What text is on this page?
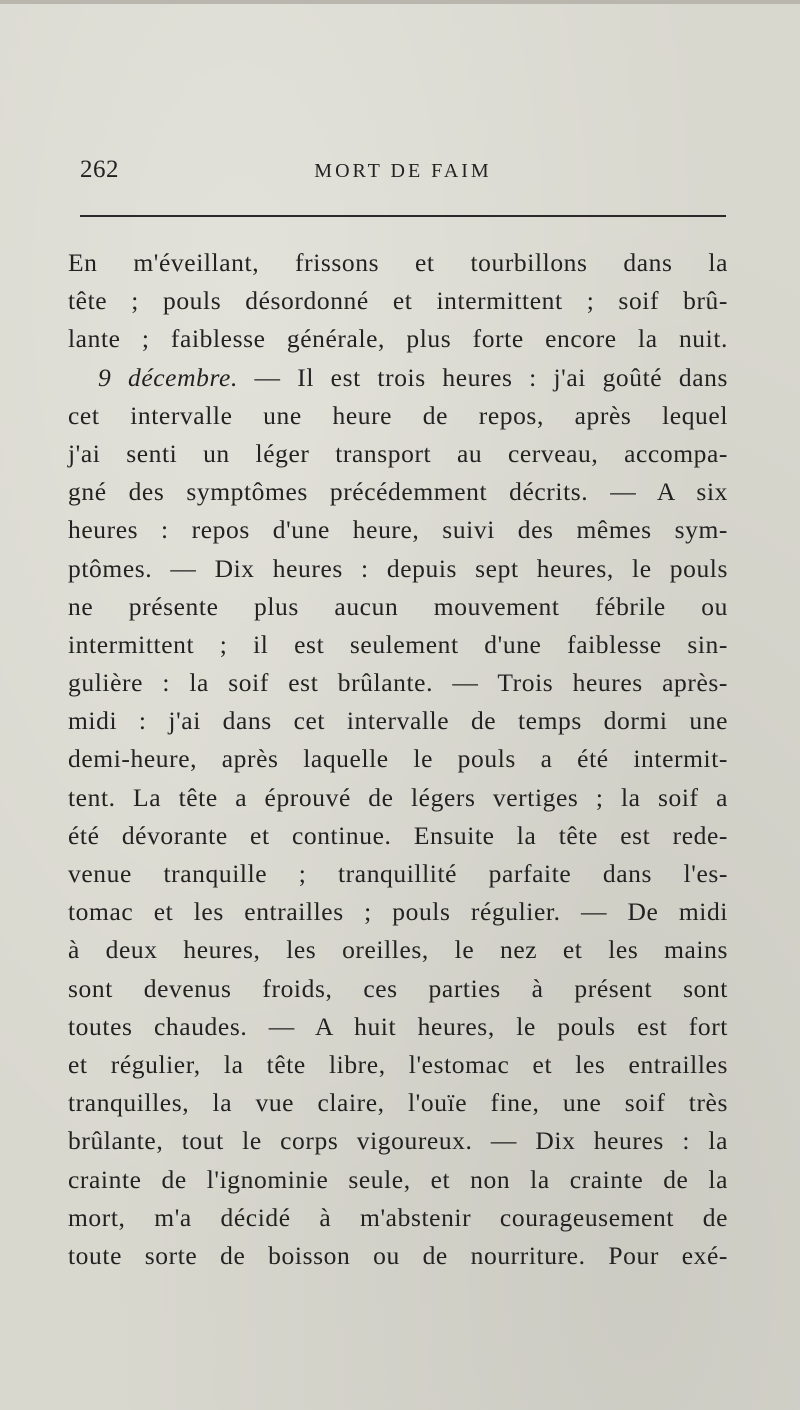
262	MORT DE FAIM
En m'éveillant, frissons et tourbillons dans la
tête ; pouls désordonné et intermittent ; soif brû-
lante ; faiblesse générale, plus forte encore la nuit.
9 décembre. — Il est trois heures : j'ai goûté dans
cet intervalle une heure de repos, après lequel
j'ai senti un léger transport au cerveau, accompa-
gné des symptômes précédemment décrits. — A six
heures : repos d'une heure, suivi des mêmes sym-
ptômes. — Dix heures : depuis sept heures, le pouls
ne présente plus aucun mouvement fébrile ou
intermittent ; il est seulement d'une faiblesse sin-
gulière : la soif est brûlante. — Trois heures après-
midi : j'ai dans cet intervalle de temps dormi une
demi-heure, après laquelle le pouls a été intermit-
tent. La tête a éprouvé de légers vertiges ; la soif a
été dévorante et continue. Ensuite la tête est rede-
venue tranquille ; tranquillité parfaite dans l'es-
tomac et les entrailles ; pouls régulier. — De midi
à deux heures, les oreilles, le nez et les mains
sont devenus froids, ces parties à présent sont
toutes chaudes. — A huit heures, le pouls est fort
et régulier, la tête libre, l'estomac et les entrailles
tranquilles, la vue claire, l'ouïe fine, une soif très
brûlante, tout le corps vigoureux. — Dix heures : la
crainte de l'ignominie seule, et non la crainte de la
mort, m'a décidé à m'abstenir courageusement de
toute sorte de boisson ou de nourriture. Pour exé-
